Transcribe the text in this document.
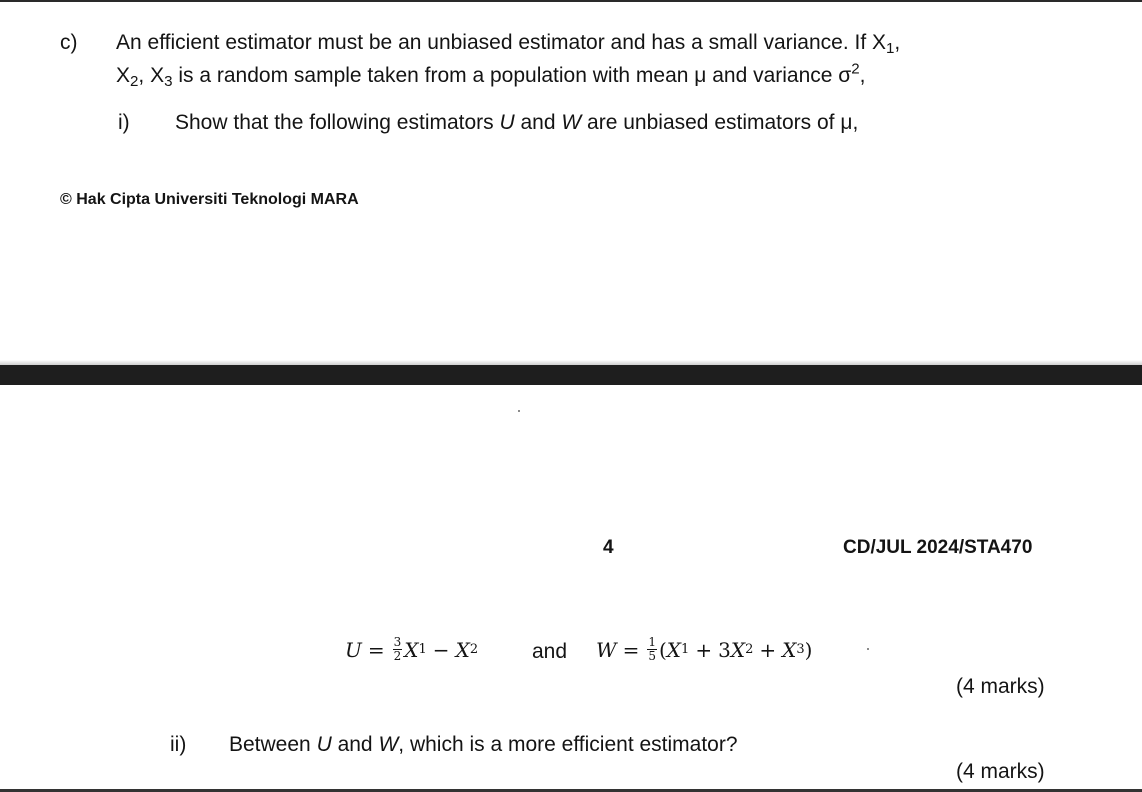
c) An efficient estimator must be an unbiased estimator and has a small variance. If $X_1$,
$X_2$, $X_3$ is a random sample taken from a population with mean μ and variance $\sigma^2$,
i) Show that the following estimators U and W are unbiased estimators of μ,
© Hak Cipta Universiti Teknologi MARA
4	CD/JUL 2024/STA470
$U = \frac{3}{2}$ X 1 − X 2	and $W = \frac{1}{5}$ ( X 1 + 3 X 2 + X 3 )
(4 marks)
ii) Between U and W, which is a more efficient estimator?
(4 marks)
